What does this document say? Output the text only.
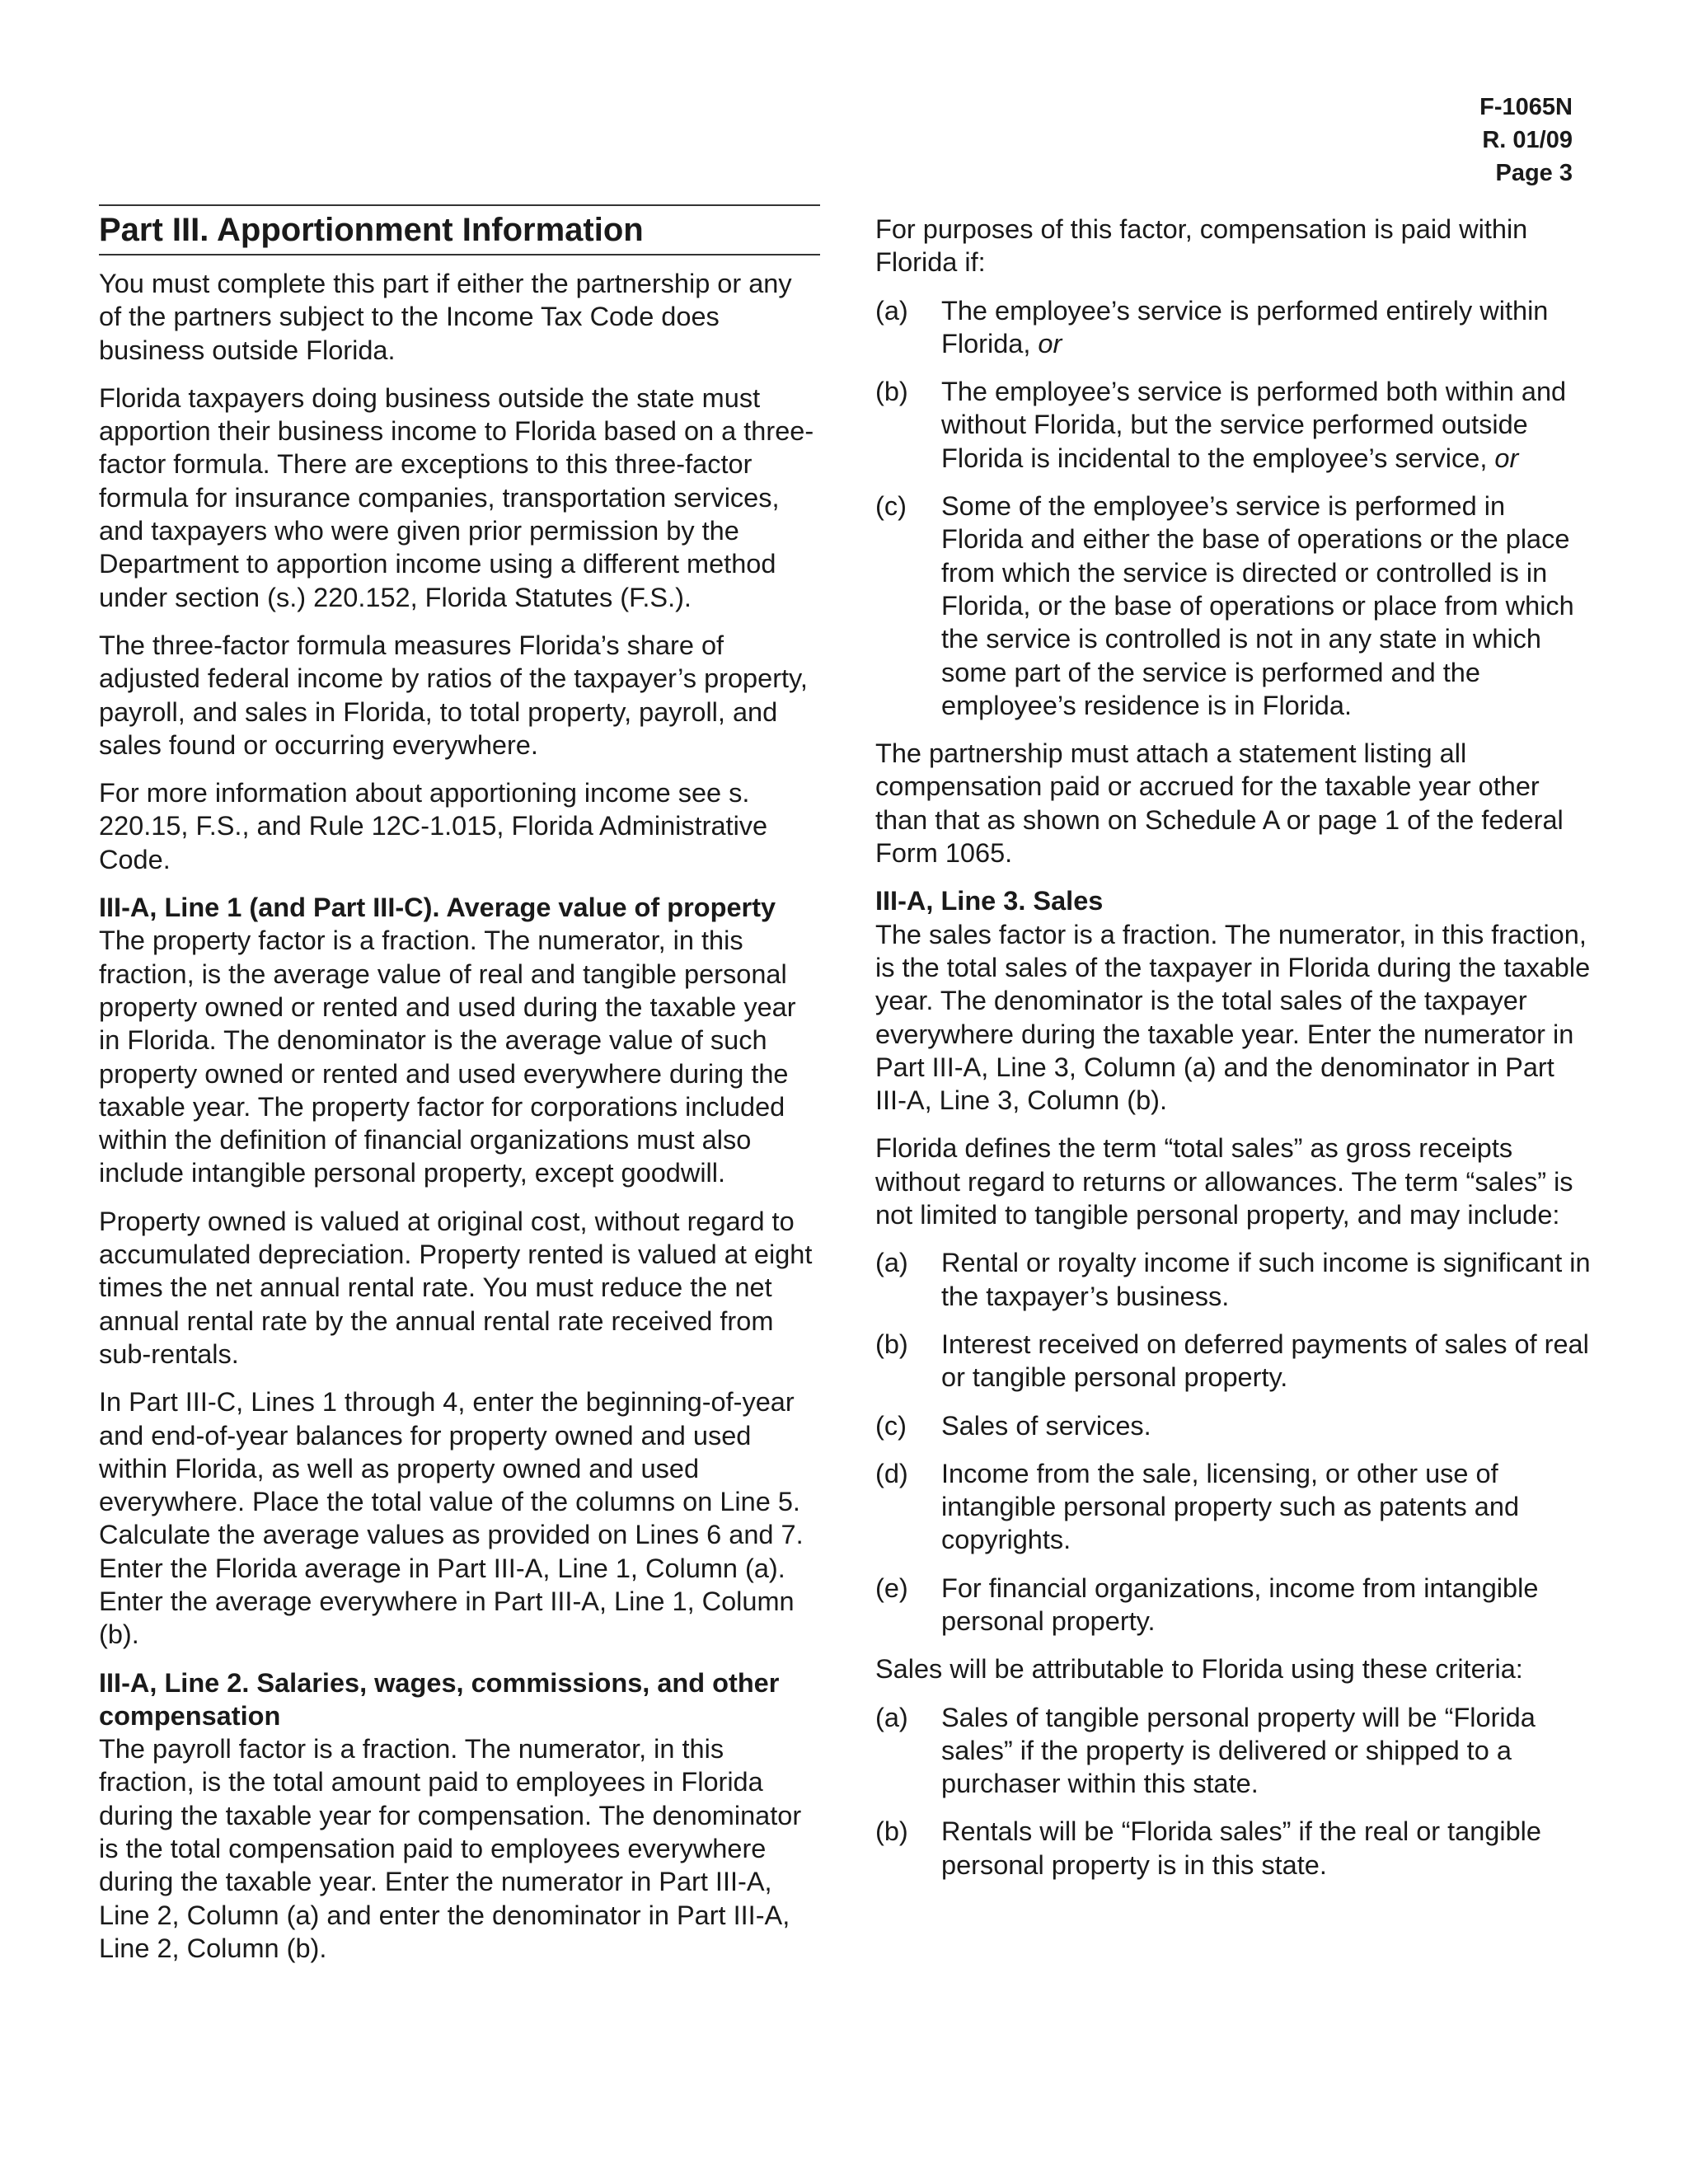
F-1065N
R. 01/09
Page 3
Part III. Apportionment Information

You must complete this part if either the partnership or any of the partners subject to the Income Tax Code does business outside Florida.

Florida taxpayers doing business outside the state must apportion their business income to Florida based on a three-factor formula. There are exceptions to this three-factor formula for insurance companies, transportation services, and taxpayers who were given prior permission by the Department to apportion income using a different method under section (s.) 220.152, Florida Statutes (F.S.).

The three-factor formula measures Florida’s share of adjusted federal income by ratios of the taxpayer’s property, payroll, and sales in Florida, to total property, payroll, and sales found or occurring everywhere.

For more information about apportioning income see s. 220.15, F.S., and Rule 12C-1.015, Florida Administrative Code.

III-A, Line 1 (and Part III-C). Average value of property
The property factor is a fraction. The numerator, in this fraction, is the average value of real and tangible personal property owned or rented and used during the taxable year in Florida. The denominator is the average value of such property owned or rented and used everywhere during the taxable year. The property factor for corporations included within the definition of financial organizations must also include intangible personal property, except goodwill.

Property owned is valued at original cost, without regard to accumulated depreciation. Property rented is valued at eight times the net annual rental rate. You must reduce the net annual rental rate by the annual rental rate received from sub-rentals.

In Part III-C, Lines 1 through 4, enter the beginning-of-year and end-of-year balances for property owned and used within Florida, as well as property owned and used everywhere. Place the total value of the columns on Line 5. Calculate the average values as provided on Lines 6 and 7. Enter the Florida average in Part III-A, Line 1, Column (a). Enter the average everywhere in Part III-A, Line 1, Column (b).

III-A, Line 2. Salaries, wages, commissions, and other compensation
The payroll factor is a fraction. The numerator, in this fraction, is the total amount paid to employees in Florida during the taxable year for compensation. The denominator is the total compensation paid to employees everywhere during the taxable year. Enter the numerator in Part III-A, Line 2, Column (a) and enter the denominator in Part III-A, Line 2, Column (b).

For purposes of this factor, compensation is paid within Florida if:

(a)	The employee’s service is performed entirely within Florida, or
(b)	The employee’s service is performed both within and without Florida, but the service performed outside Florida is incidental to the employee’s service, or
(c)	Some of the employee’s service is performed in Florida and either the base of operations or the place from which the service is directed or controlled is in Florida, or the base of operations or place from which the service is controlled is not in any state in which some part of the service is performed and the employee’s residence is in Florida.

The partnership must attach a statement listing all compensation paid or accrued for the taxable year other than that as shown on Schedule A or page 1 of the federal Form 1065.

III-A, Line 3. Sales
The sales factor is a fraction. The numerator, in this fraction, is the total sales of the taxpayer in Florida during the taxable year. The denominator is the total sales of the taxpayer everywhere during the taxable year. Enter the numerator in Part III-A, Line 3, Column (a) and the denominator in Part III-A, Line 3, Column (b).

Florida defines the term “total sales” as gross receipts without regard to returns or allowances. The term “sales” is not limited to tangible personal property, and may include:

(a)	Rental or royalty income if such income is significant in the taxpayer’s business.
(b)	Interest received on deferred payments of sales of real or tangible personal property.
(c)	Sales of services.
(d)	Income from the sale, licensing, or other use of intangible personal property such as patents and copyrights.
(e)	For financial organizations, income from intangible personal property.

Sales will be attributable to Florida using these criteria:

(a)	Sales of tangible personal property will be “Florida sales” if the property is delivered or shipped to a purchaser within this state.
(b)	Rentals will be “Florida sales” if the real or tangible personal property is in this state.
